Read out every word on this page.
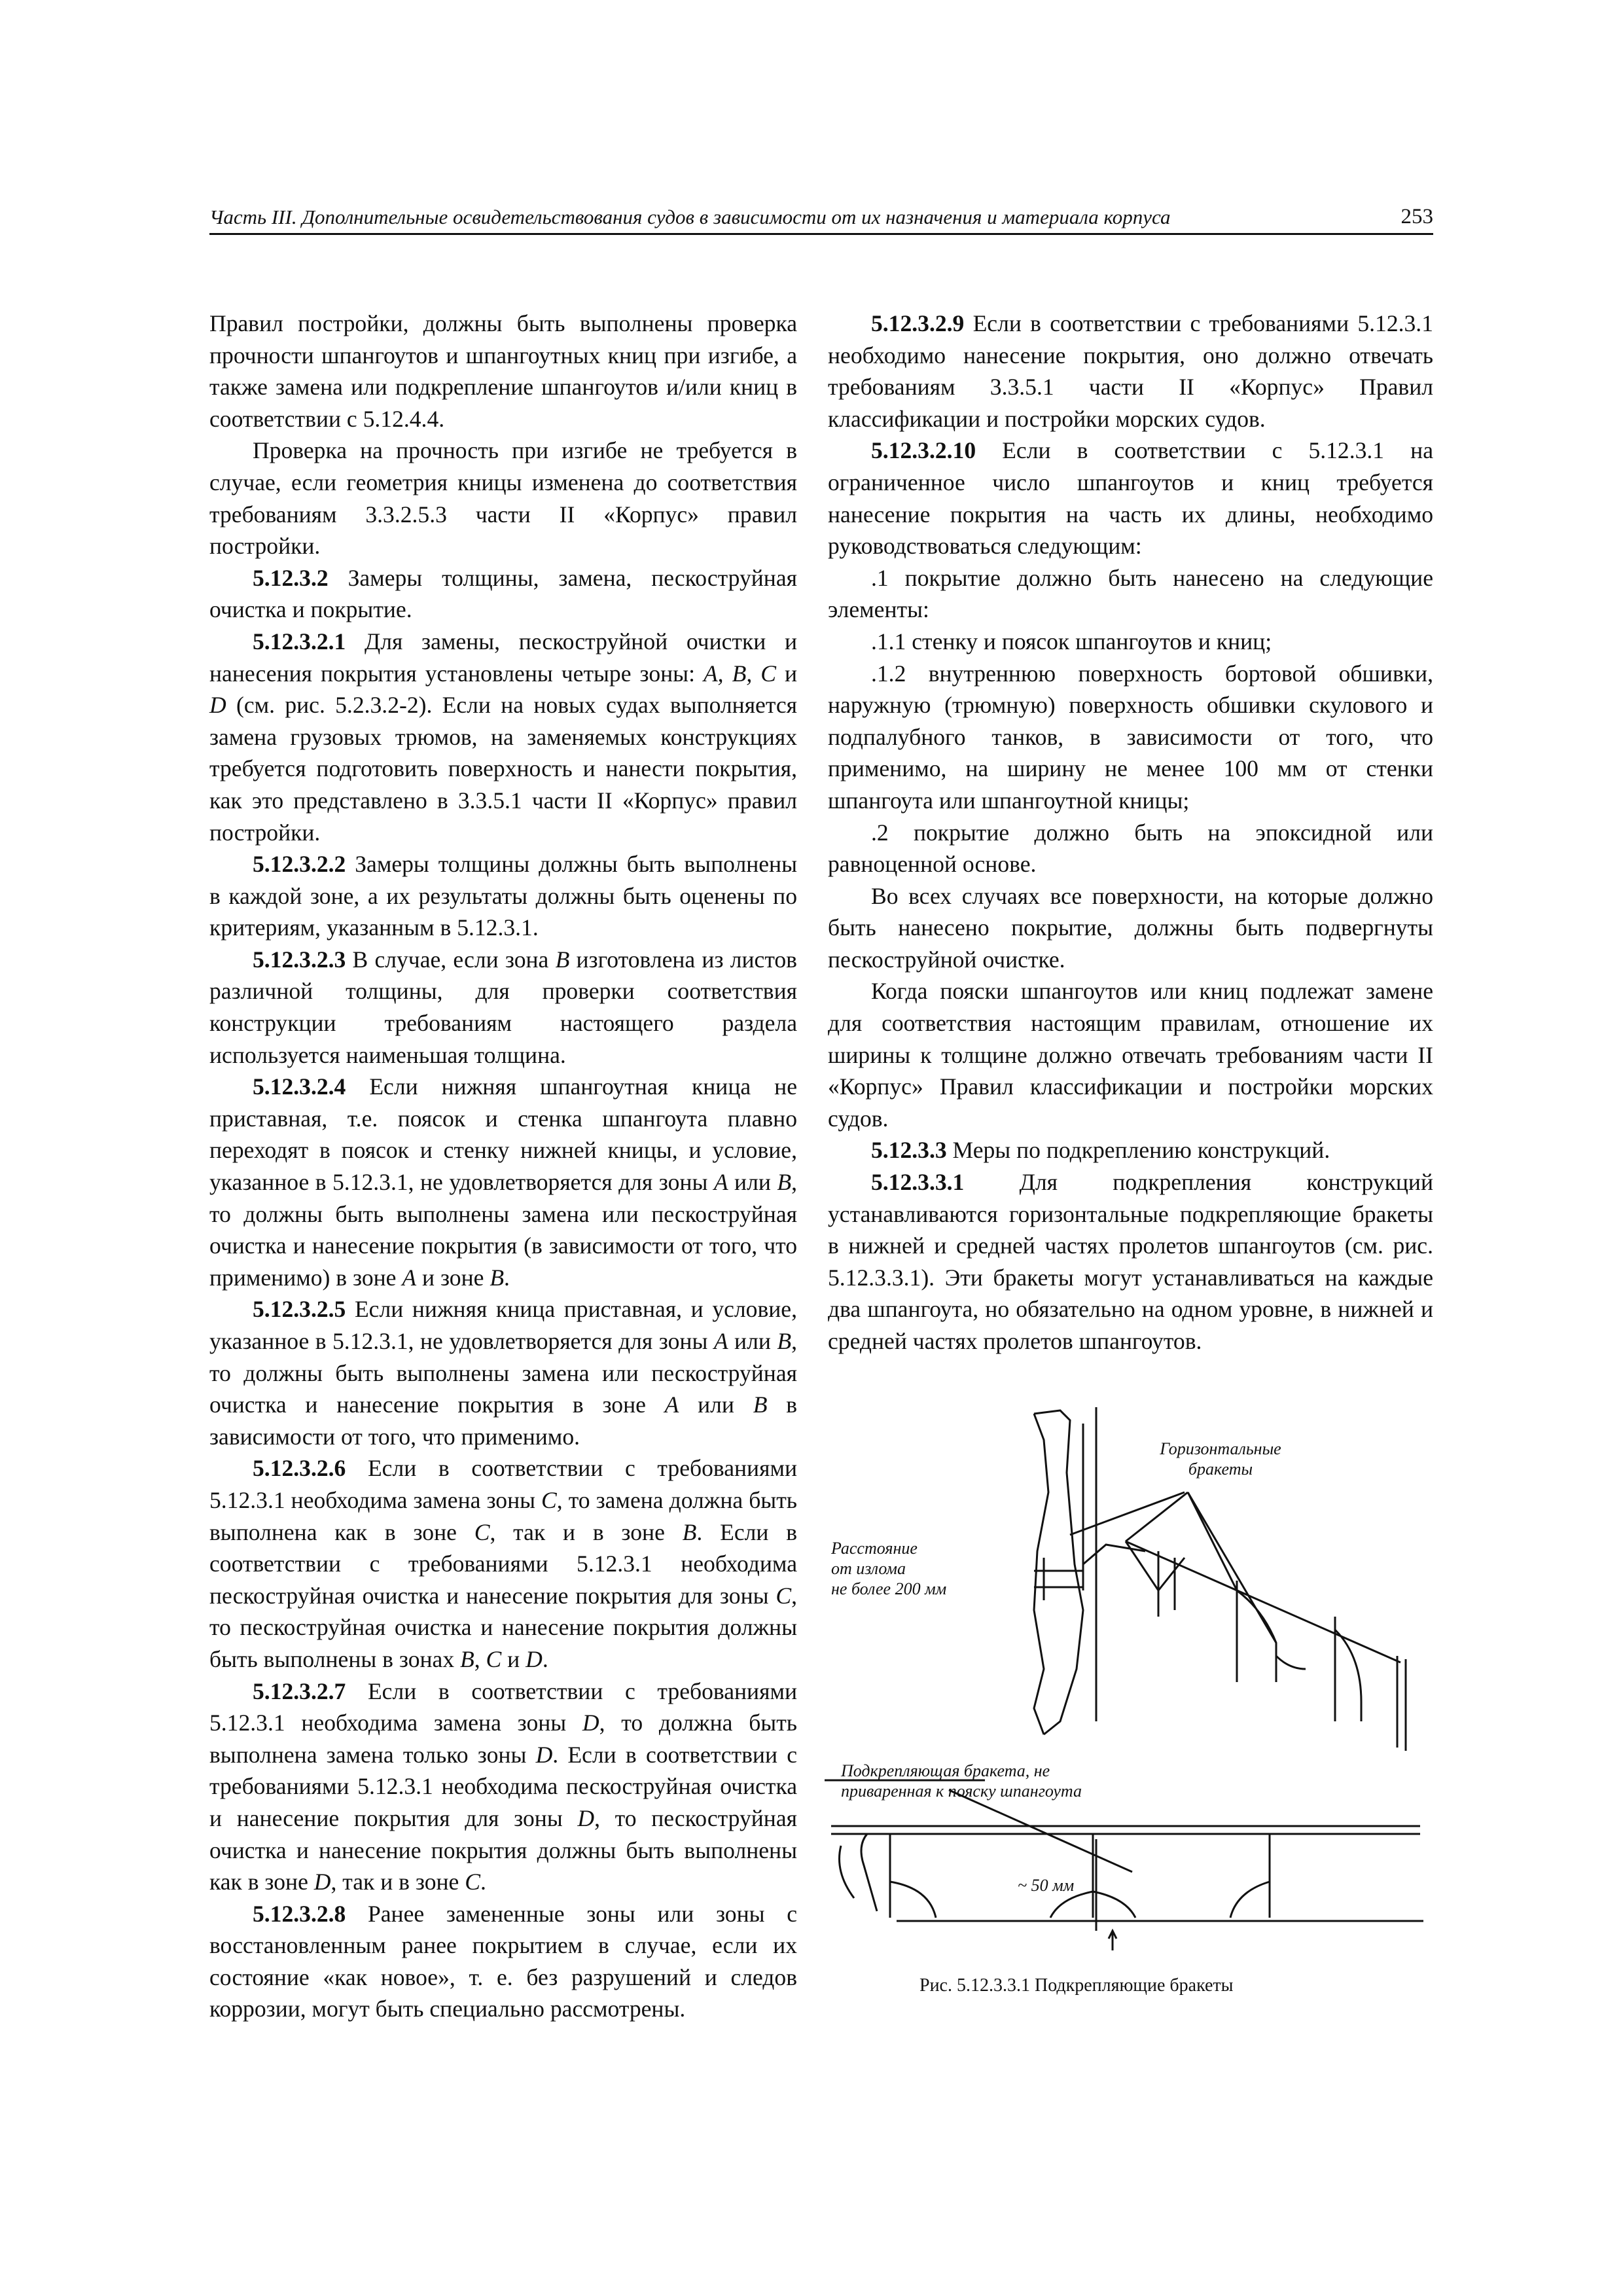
Часть III. Дополнительные освидетельствования судов в зависимости от их назначения и материала корпуса	253

Правил постройки, должны быть выполнены проверка прочности шпангоутов и шпангоутных книц при изгибе, а также замена или подкрепление шпангоутов и/или книц в соответствии с 5.12.4.4.

Проверка на прочность при изгибе не требуется в случае, если геометрия кницы изменена до соответствия требованиям 3.3.2.5.3 части II «Корпус» правил постройки.

5.12.3.2 Замеры толщины, замена, пескоструйная очистка и покрытие.

5.12.3.2.1 Для замены, пескоструйной очистки и нанесения покрытия установлены четыре зоны: A, B, C и D (см. рис. 5.2.3.2-2). Если на новых судах выполняется замена грузовых трюмов, на заменяемых конструкциях требуется подготовить поверхность и нанести покрытия, как это представлено в 3.3.5.1 части II «Корпус» правил постройки.

5.12.3.2.2 Замеры толщины должны быть выполнены в каждой зоне, а их результаты должны быть оценены по критериям, указанным в 5.12.3.1.

5.12.3.2.3 В случае, если зона B изготовлена из листов различной толщины, для проверки соответствия конструкции требованиям настоящего раздела используется наименьшая толщина.

5.12.3.2.4 Если нижняя шпангоутная кница не приставная, т.е. поясок и стенка шпангоута плавно переходят в поясок и стенку нижней кницы, и условие, указанное в 5.12.3.1, не удовлетворяется для зоны A или B, то должны быть выполнены замена или пескоструйная очистка и нанесение покрытия (в зависимости от того, что применимо) в зоне A и зоне B.

5.12.3.2.5 Если нижняя кница приставная, и условие, указанное в 5.12.3.1, не удовлетворяется для зоны A или B, то должны быть выполнены замена или пескоструйная очистка и нанесение покрытия в зоне A или B в зависимости от того, что применимо.

5.12.3.2.6 Если в соответствии с требованиями 5.12.3.1 необходима замена зоны C, то замена должна быть выполнена как в зоне C, так и в зоне B. Если в соответствии с требованиями 5.12.3.1 необходима пескоструйная очистка и нанесение покрытия для зоны C, то пескоструйная очистка и нанесение покрытия должны быть выполнены в зонах B, C и D.

5.12.3.2.7 Если в соответствии с требованиями 5.12.3.1 необходима замена зоны D, то должна быть выполнена замена только зоны D. Если в соответствии с требованиями 5.12.3.1 необходима пескоструйная очистка и нанесение покрытия для зоны D, то пескоструйная очистка и нанесение покрытия должны быть выполнены как в зоне D, так и в зоне C.

5.12.3.2.8 Ранее замененные зоны или зоны с восстановленным ранее покрытием в случае, если их состояние «как новое», т. е. без разрушений и следов коррозии, могут быть специально рассмотрены.

5.12.3.2.9 Если в соответствии с требованиями 5.12.3.1 необходимо нанесение покрытия, оно должно отвечать требованиям 3.3.5.1 части II «Корпус» Правил классификации и постройки морских судов.

5.12.3.2.10 Если в соответствии с 5.12.3.1 на ограниченное число шпангоутов и книц требуется нанесение покрытия на часть их длины, необходимо руководствоваться следующим:

.1 покрытие должно быть нанесено на следующие элементы:

.1.1 стенку и поясок шпангоутов и книц;

.1.2 внутреннюю поверхность бортовой обшивки, наружную (трюмную) поверхность обшивки скулового и подпалубного танков, в зависимости от того, что применимо, на ширину не менее 100 мм от стенки шпангоута или шпангоутной кницы;

.2 покрытие должно быть на эпоксидной или равноценной основе.

Во всех случаях все поверхности, на которые должно быть нанесено покрытие, должны быть подвергнуты пескоструйной очистке.

Когда пояски шпангоутов или книц подлежат замене для соответствия настоящим правилам, отношение их ширины к толщине должно отвечать требованиям части II «Корпус» Правил классификации и постройки морских судов.

5.12.3.3 Меры по подкреплению конструкций.

5.12.3.3.1 Для подкрепления конструкций устанавливаются горизонтальные подкрепляющие бракеты в нижней и средней частях пролетов шпангоутов (см. рис. 5.12.3.3.1). Эти бракеты могут устанавливаться на каждые два шпангоута, но обязательно на одном уровне, в нижней и средней частях пролетов шпангоутов.

Горизонтальные
бракеты
Расстояние
от излома
не более 200 мм
Подкрепляющая бракета, не
приваренная к пояску шпангоута
~ 50 мм
Рис. 5.12.3.3.1 Подкрепляющие бракеты
